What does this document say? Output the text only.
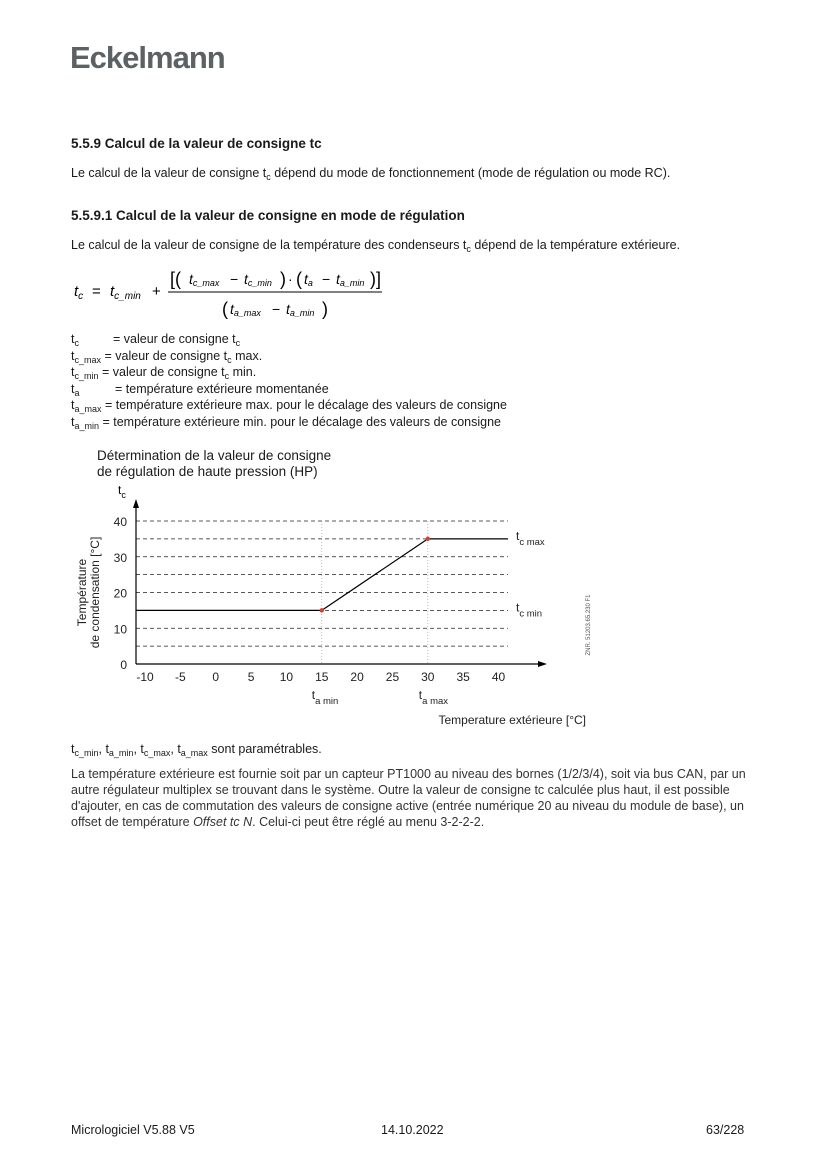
Eckelmann
5.5.9 Calcul de la valeur de consigne tc
Le calcul de la valeur de consigne $t_c$ dépend du mode de fonctionnement (mode de régulation ou mode RC).
5.5.9.1 Calcul de la valeur de consigne en mode de régulation
Le calcul de la valeur de consigne de la température des condenseurs $t_c$ dépend de la température extérieure.
$t_c = t_{c\_min}$ +
[( tc_max − tc_min ) · ( ta − ta_min )]
( ta_max − ta_min )
$t_c$	= valeur de consigne $t_c$
$t_{c\_max}$ = valeur de consigne $t_c$ max.
$t_{c\_min}$ = valeur de consigne $t_c$ min.
$t_a$	= température extérieure momentanée
$t_{a\_max}$ = température extérieure max. pour le décalage des valeurs de consigne
$t_{a\_min}$ = température extérieure min. pour le décalage des valeurs de consigne
Détermination de la valeur de consigne
de régulation de haute pression (HP)
0
10
20
30
40
-10 -5 0 5 10 15 20 25 30 35 40
$t_c$
$t_{c max}$
$t_{c min}$
$t_{a min}$	$t_{a max}$
Temperature extérieure [°C]
Température de condensation [°C]	ZNR. 51203.65.230 F1
$t_{c\_min}$, $t_{a\_min}$, $t_{c\_max}$, $t_{a\_max}$ sont paramétrables.
La température extérieure est fournie soit par un capteur PT1000 au niveau des bornes (1/2/3/4), soit via bus CAN, par un autre régulateur multiplex se trouvant dans le système. Outre la valeur de consigne tc calculée plus haut, il est possible d'ajouter, en cas de commutation des valeurs de consigne active (entrée numérique 20 au niveau du module de base), un offset de température Offset tc N. Celui-ci peut être réglé au menu 3-2-2-2.
Micrologiciel V5.88 V5	14.10.2022	63/228
